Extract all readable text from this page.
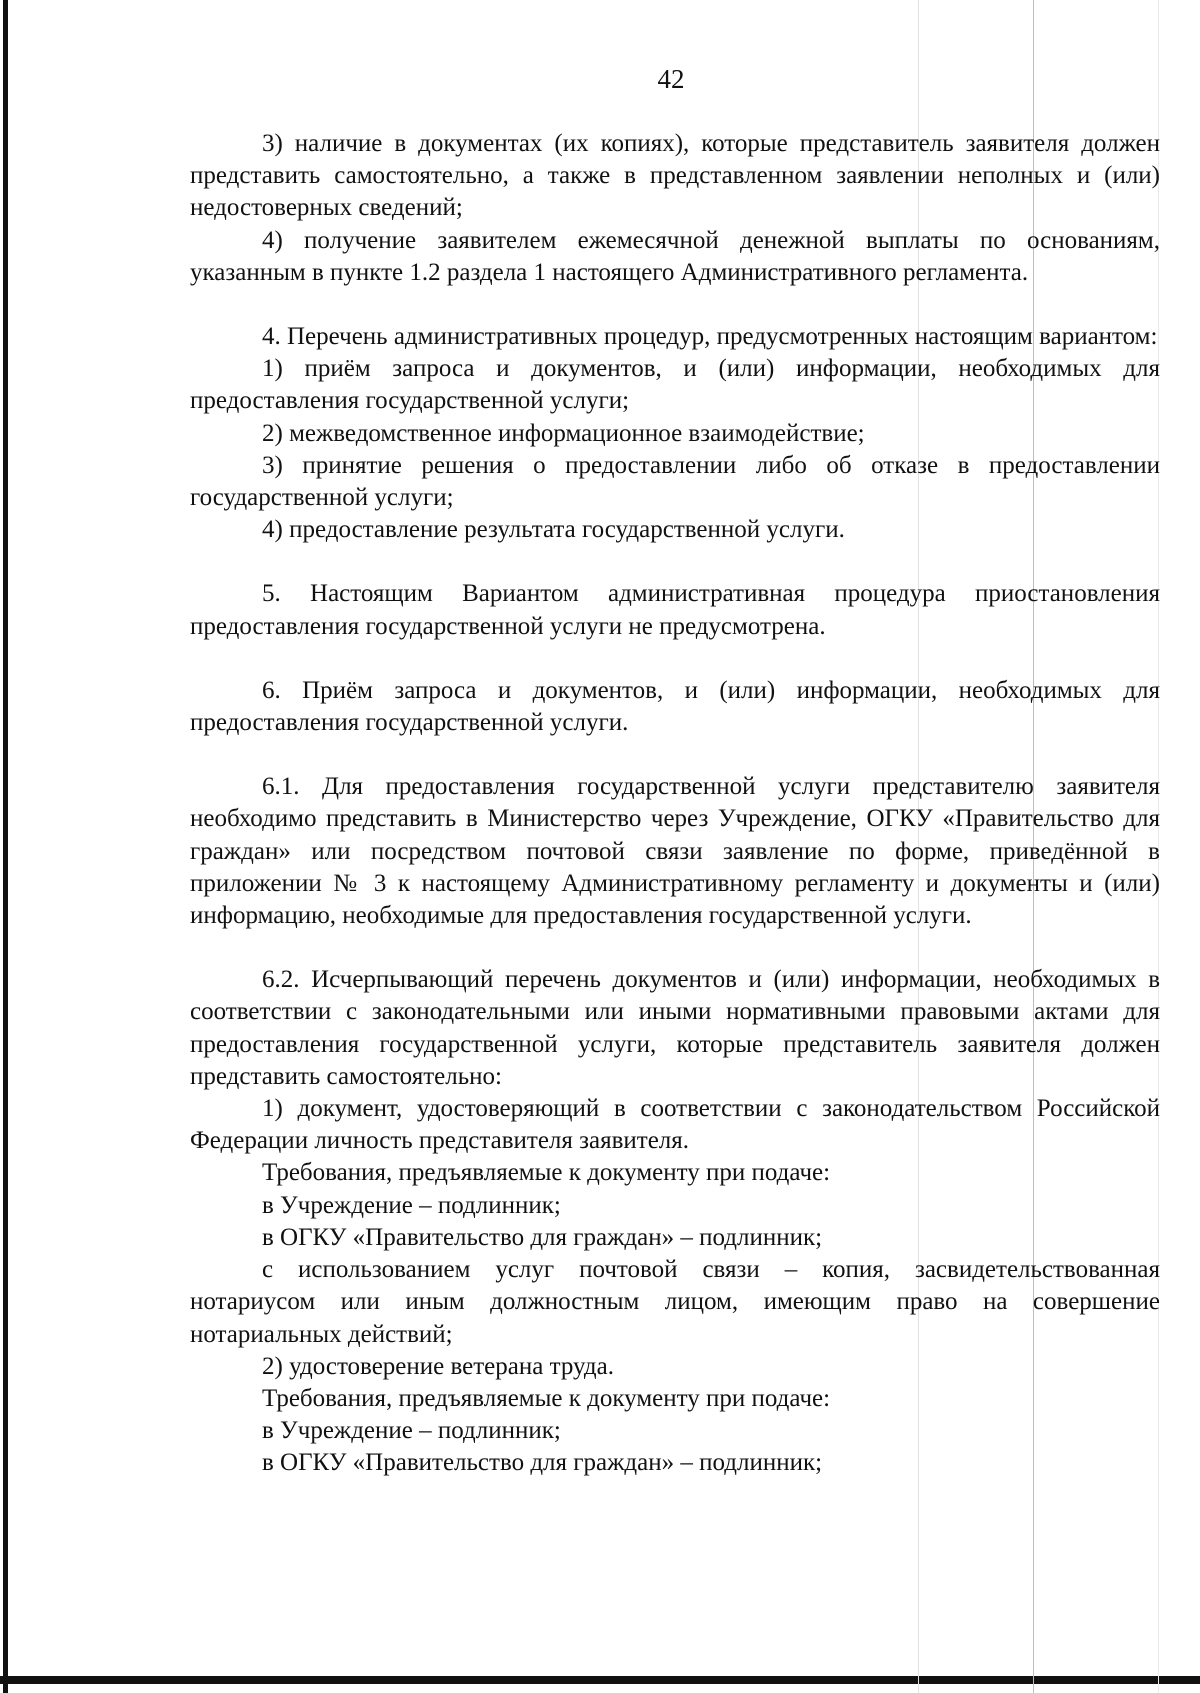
42

3) наличие в документах (их копиях), которые представитель заявителя должен представить самостоятельно, а также в представленном заявлении неполных и (или) недостоверных сведений;

4) получение заявителем ежемесячной денежной выплаты по основаниям, указанным в пункте 1.2 раздела 1 настоящего Административного регламента.

4. Перечень административных процедур, предусмотренных настоящим вариантом:

1) приём запроса и документов, и (или) информации, необходимых для предоставления государственной услуги;

2) межведомственное информационное взаимодействие;

3) принятие решения о предоставлении либо об отказе в предоставлении государственной услуги;

4) предоставление результата государственной услуги.

5. Настоящим Вариантом административная процедура приостановления предоставления государственной услуги не предусмотрена.

6. Приём запроса и документов, и (или) информации, необходимых для предоставления государственной услуги.

6.1. Для предоставления государственной услуги представителю заявителя необходимо представить в Министерство через Учреждение, ОГКУ «Правительство для граждан» или посредством почтовой связи заявление по форме, приведённой в приложении № 3 к настоящему Административному регламенту и документы и (или) информацию, необходимые для предоставления государственной услуги.

6.2. Исчерпывающий перечень документов и (или) информации, необходимых в соответствии с законодательными или иными нормативными правовыми актами для предоставления государственной услуги, которые представитель заявителя должен представить самостоятельно:

1) документ, удостоверяющий в соответствии с законодательством Российской Федерации личность представителя заявителя.

Требования, предъявляемые к документу при подаче:

в Учреждение – подлинник;

в ОГКУ «Правительство для граждан» – подлинник;

с использованием услуг почтовой связи – копия, засвидетельствованная нотариусом или иным должностным лицом, имеющим право на совершение нотариальных действий;

2) удостоверение ветерана труда.

Требования, предъявляемые к документу при подаче:

в Учреждение – подлинник;

в ОГКУ «Правительство для граждан» – подлинник;
